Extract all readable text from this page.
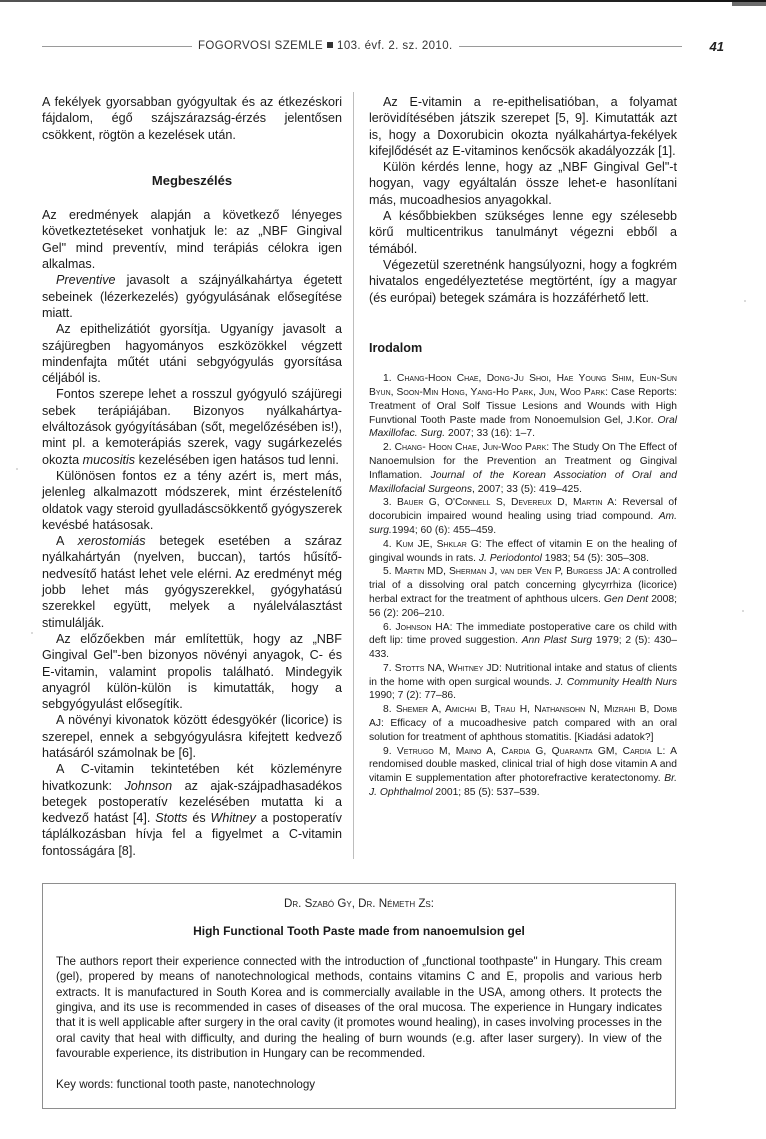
FOGORVOSI SZEMLE 103. évf. 2. sz. 2010.	41

A fekélyek gyorsabban gyógyultak és az étkezéskori fájdalom, égő szájszárazság-érzés jelentősen csökkent, rögtön a kezelések után.

Megbeszélés

Az eredmények alapján a következő lényeges következtetéseket vonhatjuk le: az „NBF Gingival Gel" mind preventív, mind terápiás célokra igen alkalmas.

Preventive javasolt a szájnyálkahártya égetett sebeinek (lézerkezelés) gyógyulásának elősegítése miatt.

Az epithelizátiót gyorsítja. Ugyanígy javasolt a szájüregben hagyományos eszközökkel végzett mindenfajta műtét utáni sebgyógyulás gyorsítása céljából is.

Fontos szerepe lehet a rosszul gyógyuló szájüregi sebek terápiájában. Bizonyos nyálkahártya-elváltozások gyógyításában (sőt, megelőzésében is!), mint pl. a kemoterápiás szerek, vagy sugárkezelés okozta mucositis kezelésében igen hatásos tud lenni.

Különösen fontos ez a tény azért is, mert más, jelenleg alkalmazott módszerek, mint érzéstelenítő oldatok vagy steroid gyulladáscsökkentő gyógyszerek kevésbé hatásosak.

A xerostomiás betegek esetében a száraz nyálkahártyán (nyelven, buccan), tartós hűsítő-nedvesítő hatást lehet vele elérni. Az eredményt még jobb lehet más gyógyszerekkel, gyógyhatású szerekkel együtt, melyek a nyálelválasztást stimulálják.

Az előzőekben már említettük, hogy az „NBF Gingival Gel"-ben bizonyos növényi anyagok, C- és E-vitamin, valamint propolis található. Mindegyik anyagról külön-külön is kimutatták, hogy a sebgyógyulást elősegítik.

A növényi kivonatok között édesgyökér (licorice) is szerepel, ennek a sebgyógyulásra kifejtett kedvező hatásáról számolnak be [6].

A C-vitamin tekintetében két közleményre hivatkozunk: Johnson az ajak-szájpadhasadékos betegek postoperatív kezelésében mutatta ki a kedvező hatást [4]. Stotts és Whitney a postoperatív táplálkozásban hívja fel a figyelmet a C-vitamin fontosságára [8].

Az E-vitamin a re-epithelisatióban, a folyamat lerövidítésében játszik szerepet [5, 9]. Kimutatták azt is, hogy a Doxorubicin okozta nyálkahártya-fekélyek kifejlődését az E-vitaminos kenőcsök akadályozzák [1].

Külön kérdés lenne, hogy az „NBF Gingival Gel"-t hogyan, vagy egyáltalán össze lehet-e hasonlítani más, mucoadhesios anyagokkal.

A későbbiekben szükséges lenne egy szélesebb körű multicentrikus tanulmányt végezni ebből a témából.

Végezetül szeretnénk hangsúlyozni, hogy a fogkrém hivatalos engedélyeztetése megtörtént, így a magyar (és európai) betegek számára is hozzáférhető lett.

Irodalom

1. Chang-Hoon Chae, Dong-Ju Shoi, Hae Young Shim, Eun-Sun Byun, Soon-Min Hong, Yang-Ho Park, Jun, Woo Park: Case Reports: Treatment of Oral Solf Tissue Lesions and Wounds with High Funvtional Tooth Paste made from Nonoemulsion Gel, J.Kor. Oral Maxillofac. Surg. 2007; 33 (16): 1–7.

2. Chang- Hoon Chae, Jun-Woo Park: The Study On The Effect of Nanoemulsion for the Prevention an Treatment og Gingival Inflamation. Journal of the Korean Association of Oral and Maxillofacial Surgeons, 2007; 33 (5): 419–425.

3. Bauer G, O'Connell S, Devereux D, Martin A: Reversal of docorubicin impaired wound healing using triad compound. Am. surg.1994; 60 (6): 455–459.

4. Kum JE, Shklar G: The effect of vitamin E on the healing of gingival wounds in rats. J. Periodontol 1983; 54 (5): 305–308.

5. Martin MD, Sherman J, van der Ven P, Burgess JA: A controlled trial of a dissolving oral patch concerning glycyrrhiza (licorice) herbal extract for the treatment of aphthous ulcers. Gen Dent 2008; 56 (2): 206–210.

6. Johnson HA: The immediate postoperative care os child with deft lip: time proved suggestion. Ann Plast Surg 1979; 2 (5): 430–433.

7. Stotts NA, Whitney JD: Nutritional intake and status of clients in the home with open surgical wounds. J. Community Health Nurs 1990; 7 (2): 77–86.

8. Shemer A, Amichai B, Trau H, Nathansohn N, Mizrahi B, Domb AJ: Efficacy of a mucoadhesive patch compared with an oral solution for treatment of aphthous stomatitis. [Kiadási adatok?]

9. Vetrugo M, Maino A, Cardia G, Quaranta GM, Cardia L: A rendomised double masked, clinical trial of high dose vitamin A and vitamin E supplementation after photorefractive keratectonomy. Br. J. Ophthalmol 2001; 85 (5): 537–539.

Dr. Szabó Gy, Dr. Németh Zs:
High Functional Tooth Paste made from nanoemulsion gel
The authors report their experience connected with the introduction of „functional toothpaste" in Hungary. This cream (gel), propered by means of nanotechnological methods, contains vitamins C and E, propolis and various herb extracts. It is manufactured in South Korea and is commercially available in the USA, among others. It protects the gingiva, and its use is recommended in cases of diseases of the oral mucosa. The experience in Hungary indicates that it is well applicable after surgery in the oral cavity (it promotes wound healing), in cases involving processes in the oral cavity that heal with difficulty, and during the healing of burn wounds (e.g. after laser surgery). In view of the favourable experience, its distribution in Hungary can be recommended.
Key words: functional tooth paste, nanotechnology
